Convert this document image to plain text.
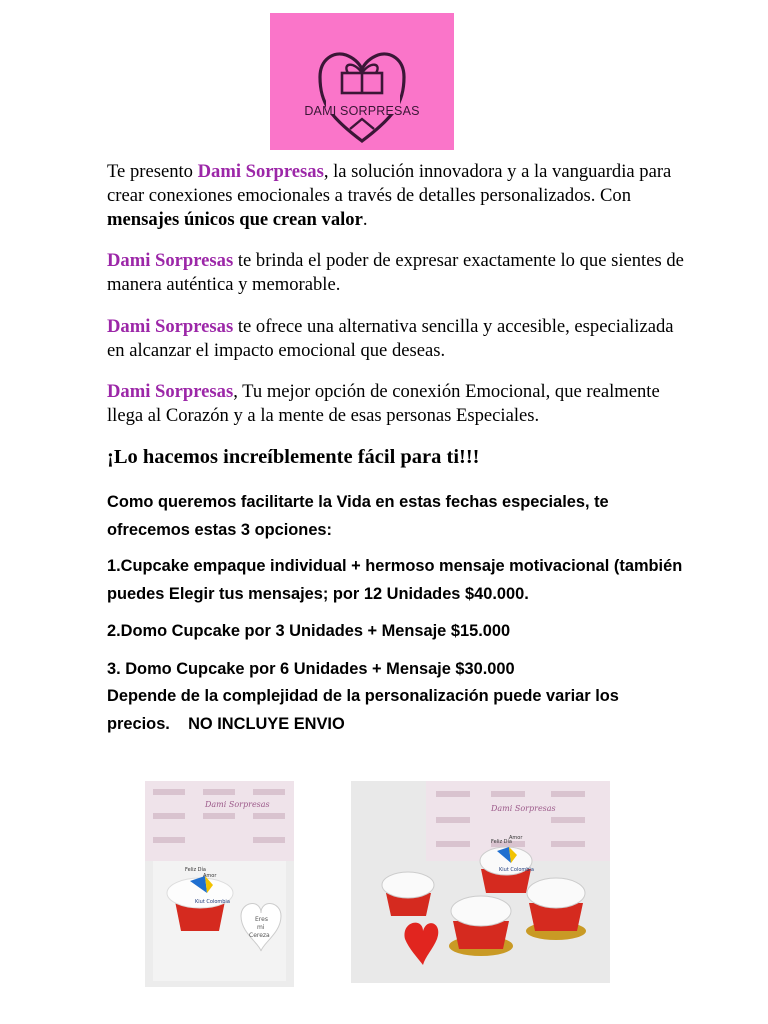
DAMI SORPRESAS

Te presento Dami Sorpresas, la solución innovadora y a la vanguardia para crear conexiones emocionales a través de detalles personalizados. Con mensajes únicos que crean valor.

Dami Sorpresas te brinda el poder de expresar exactamente lo que sientes de manera auténtica y memorable.

Dami Sorpresas te ofrece una alternativa sencilla y accesible, especializada en alcanzar el impacto emocional que deseas.

Dami Sorpresas, Tu mejor opción de conexión Emocional, que realmente llega al Corazón y a la mente de esas personas Especiales.

¡Lo hacemos increíblemente fácil para ti!!!

Como queremos facilitarte la Vida en estas fechas especiales, te ofrecemos estas 3 opciones:

1.Cupcake empaque individual + hermoso mensaje motivacional (también puedes Elegir tus mensajes; por 12 Unidades $40.000.

2.Domo Cupcake por 3 Unidades + Mensaje $15.000

3. Domo Cupcake por 6 Unidades + Mensaje $30.000

Depende de la complejidad de la personalización puede variar los precios. NO INCLUYE ENVIO

Dami Sorpresas
Feliz Día
Amor
Kiut Colombia
Eres
mi
Cereza
Dami Sorpresas
Feliz Día
Amor
Kiut Colombia
